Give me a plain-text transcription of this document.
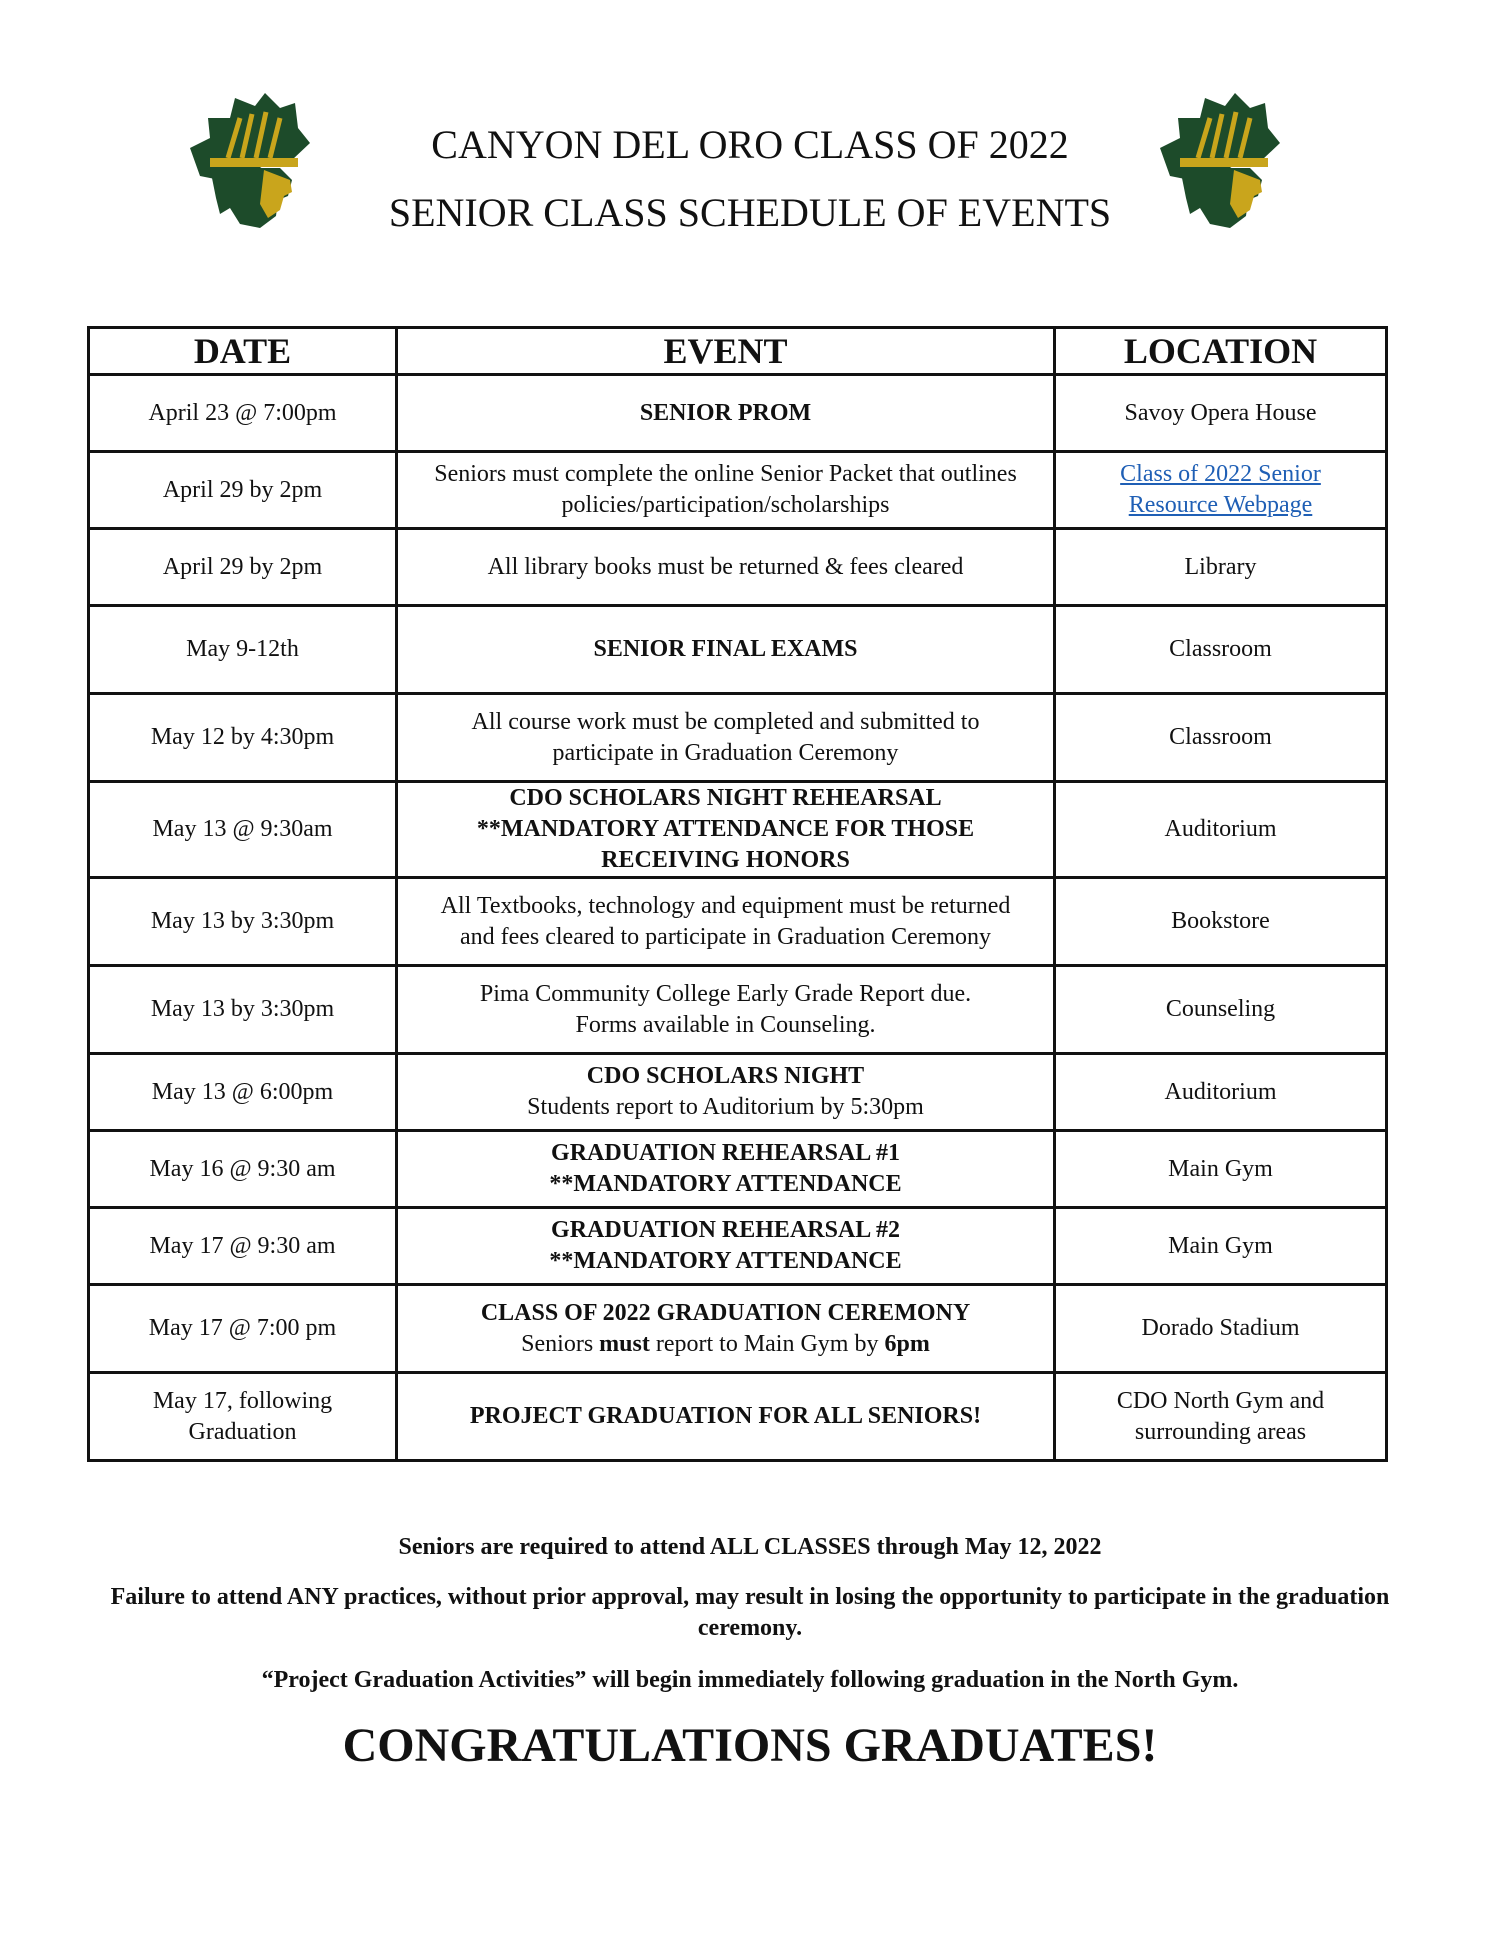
CANYON DEL ORO CLASS OF 2022
SENIOR CLASS SCHEDULE OF EVENTS
DATE	EVENT	LOCATION
April 23 @ 7:00pm	SENIOR PROM	Savoy Opera House
April 29 by 2pm	Seniors must complete the online Senior Packet that outlines
policies/participation/scholarships	Class of 2022 Senior
Resource Webpage

April 29 by 2pm	All library books must be returned & fees cleared	Library
May 9-12th	SENIOR FINAL EXAMS	Classroom
May 12 by 4:30pm	All course work must be completed and submitted to
participate in Graduation Ceremony	Classroom
May 13 @ 9:30am	CDO SCHOLARS NIGHT REHEARSAL
**MANDATORY ATTENDANCE FOR THOSE
RECEIVING HONORS	Auditorium
May 13 by 3:30pm	All Textbooks, technology and equipment must be returned
and fees cleared to participate in Graduation Ceremony	Bookstore
May 13 by 3:30pm	Pima Community College Early Grade Report due.
Forms available in Counseling.	Counseling
May 13 @ 6:00pm	CDO SCHOLARS NIGHT
Students report to Auditorium by 5:30pm	Auditorium
May 16 @ 9:30 am	GRADUATION REHEARSAL #1
**MANDATORY ATTENDANCE	Main Gym
May 17 @ 9:30 am	GRADUATION REHEARSAL #2
**MANDATORY ATTENDANCE	Main Gym
May 17 @ 7:00 pm	CLASS OF 2022 GRADUATION CEREMONY
Seniors must report to Main Gym by 6pm	Dorado Stadium

May 17, following
Graduation	PROJECT GRADUATION FOR ALL SENIORS!	CDO North Gym and
surrounding areas
Seniors are required to attend ALL CLASSES through May 12, 2022
Failure to attend ANY practices, without prior approval, may result in losing the opportunity to participate in the graduation ceremony.
“Project Graduation Activities” will begin immediately following graduation in the North Gym.
CONGRATULATIONS GRADUATES!
